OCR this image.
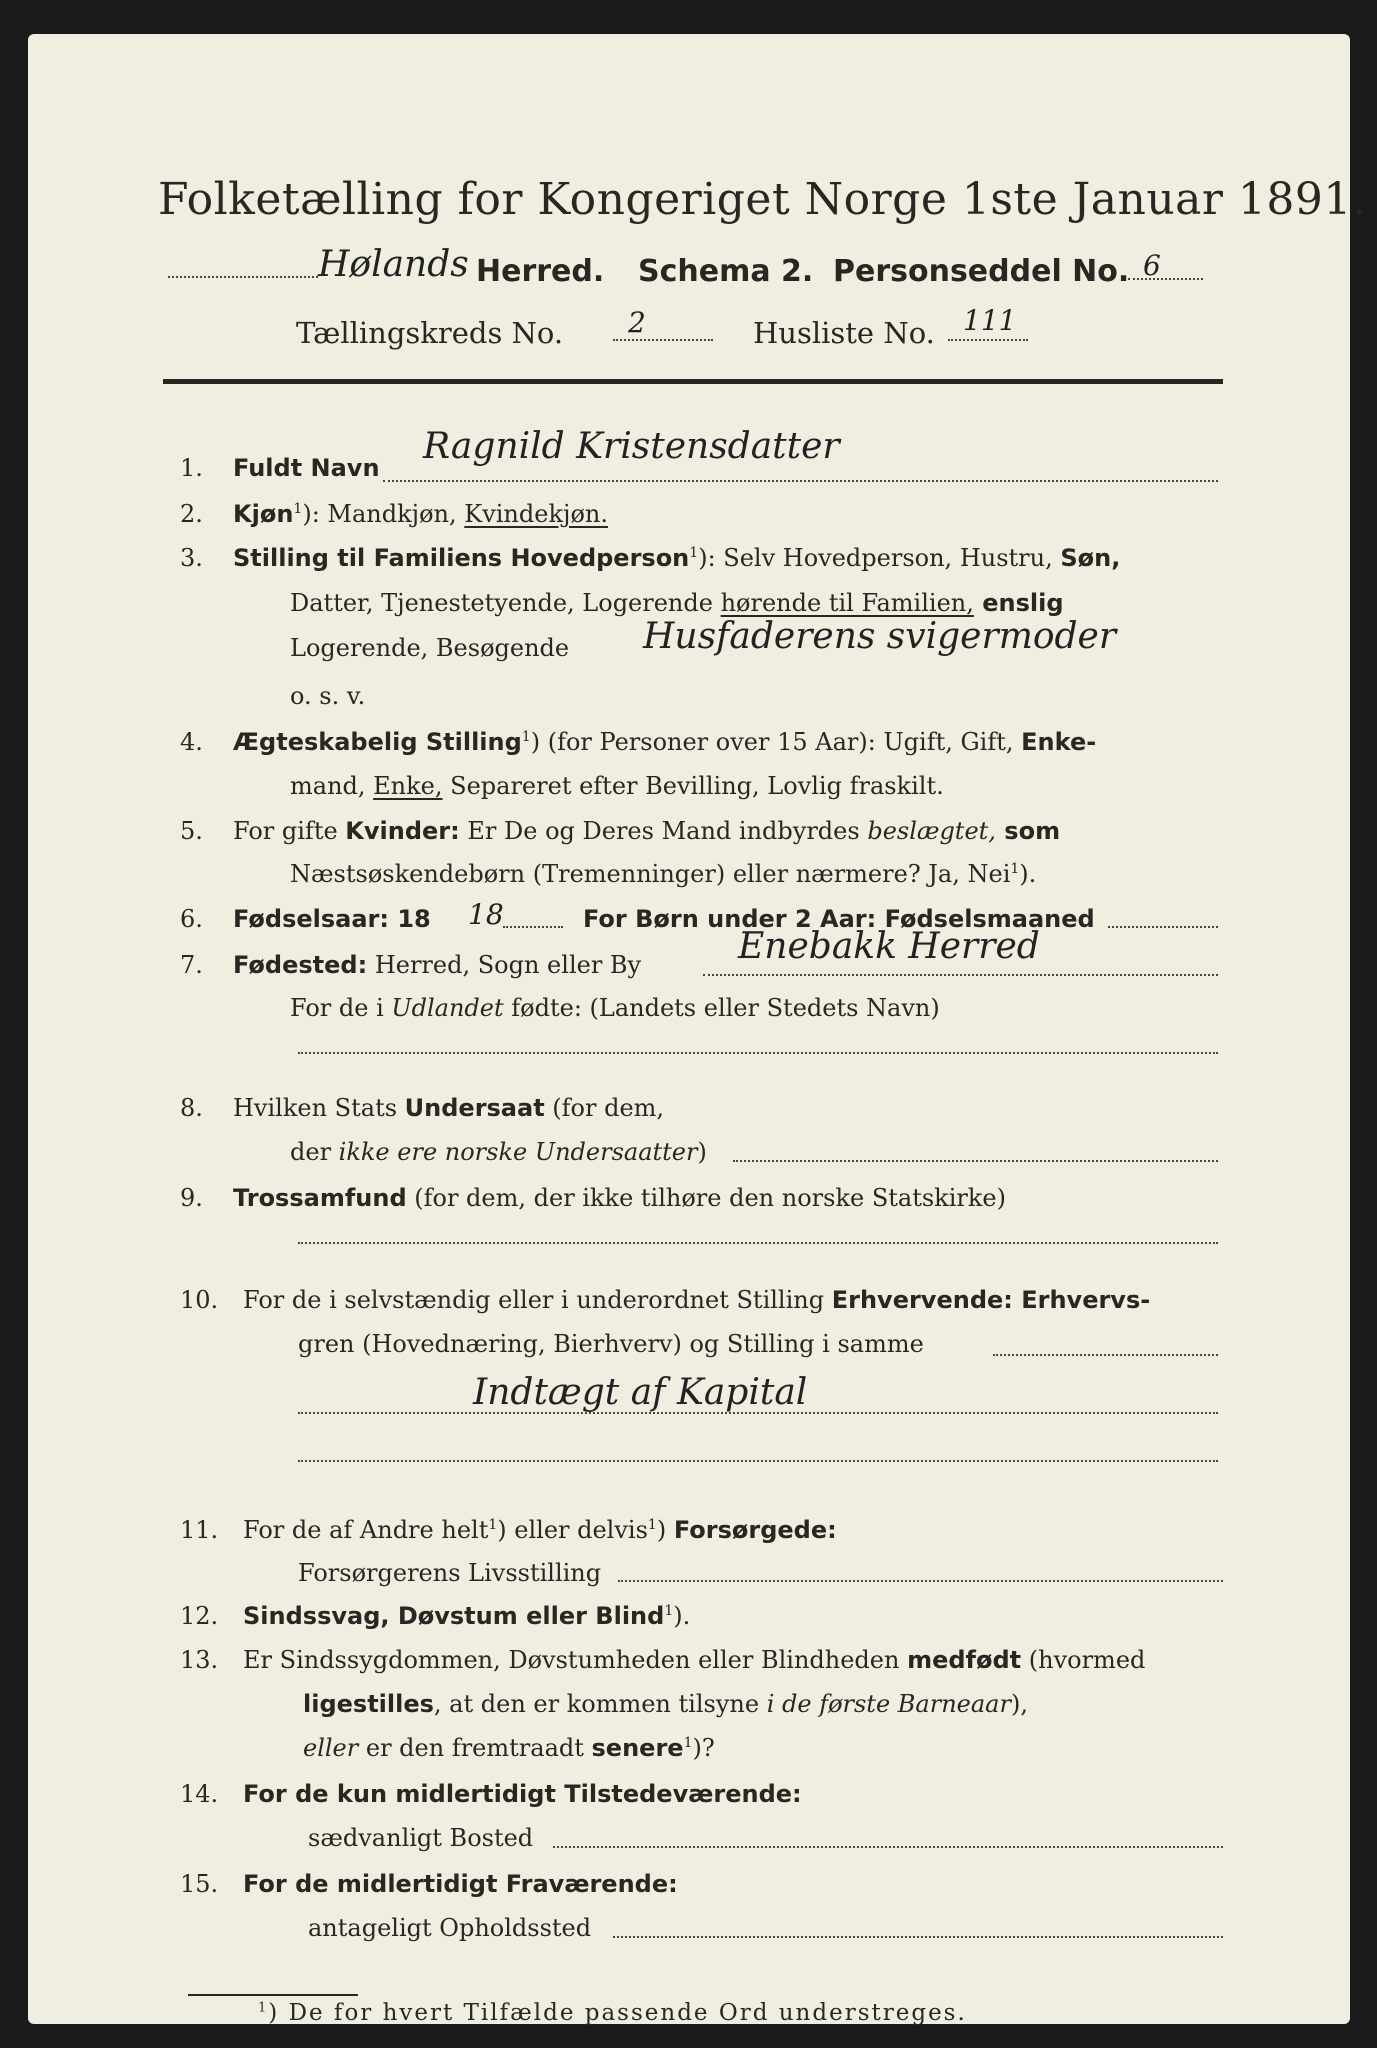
Folketælling for Kongeriget Norge 1ste Januar 1891.
Hølands Herred. Schema 2. Personseddel No. 6
Tællingskreds No. 2	Husliste No. 111
1. Fuldt Navn
Ragnild Kristensdatter
2. Kjøn$^1$): Mandkjøn, Kvindekjøn.
3. Stilling til Familiens Hovedperson$^1$): Selv Hovedperson, Hustru, Søn,
Datter, Tjenestetyende, Logerende hørende til Familien, enslig
Logerende, Besøgende Husfaderens svigermoder
o. s. v.
4. Ægteskabelig Stilling$^1$) (for Personer over 15 Aar): Ugift, Gift, Enke-
mand, Enke, Separeret efter Bevilling, Lovlig fraskilt.
5. For gifte Kvinder: Er De og Deres Mand indbyrdes beslægtet, som
Næstsøskendebørn (Tremenninger) eller nærmere? Ja, Nei$^1$).
6. Fødselsaar: 18 18	For Børn under 2 Aar: Fødselsmaaned
7. Fødested: Herred, Sogn eller By	Enebakk Herred
For de i Udlandet fødte: (Landets eller Stedets Navn)
8. Hvilken Stats Undersaat (for dem,
der ikke ere norske Undersaatter)
9. Trossamfund (for dem, der ikke tilhøre den norske Statskirke)
10. For de i selvstændig eller i underordnet Stilling Erhvervende: Erhvervs-
gren (Hovednæring, Bierhverv) og Stilling i samme
Indtægt af Kapital
11. For de af Andre helt$^1$) eller delvis$^1$) Forsørgede:
Forsørgerens Livsstilling
12. Sindssvag, Døvstum eller Blind$^1$).
13. Er Sindssygdommen, Døvstumheden eller Blindheden medfødt (hvormed
ligestilles, at den er kommen tilsyne i de første Barneaar),
eller er den fremtraadt senere$^1$)?
14. For de kun midlertidigt Tilstedeværende:
sædvanligt Bosted
15. For de midlertidigt Fraværende:
antageligt Opholdssted
$^1$) De for hvert Tilfælde passende Ord understreges.
